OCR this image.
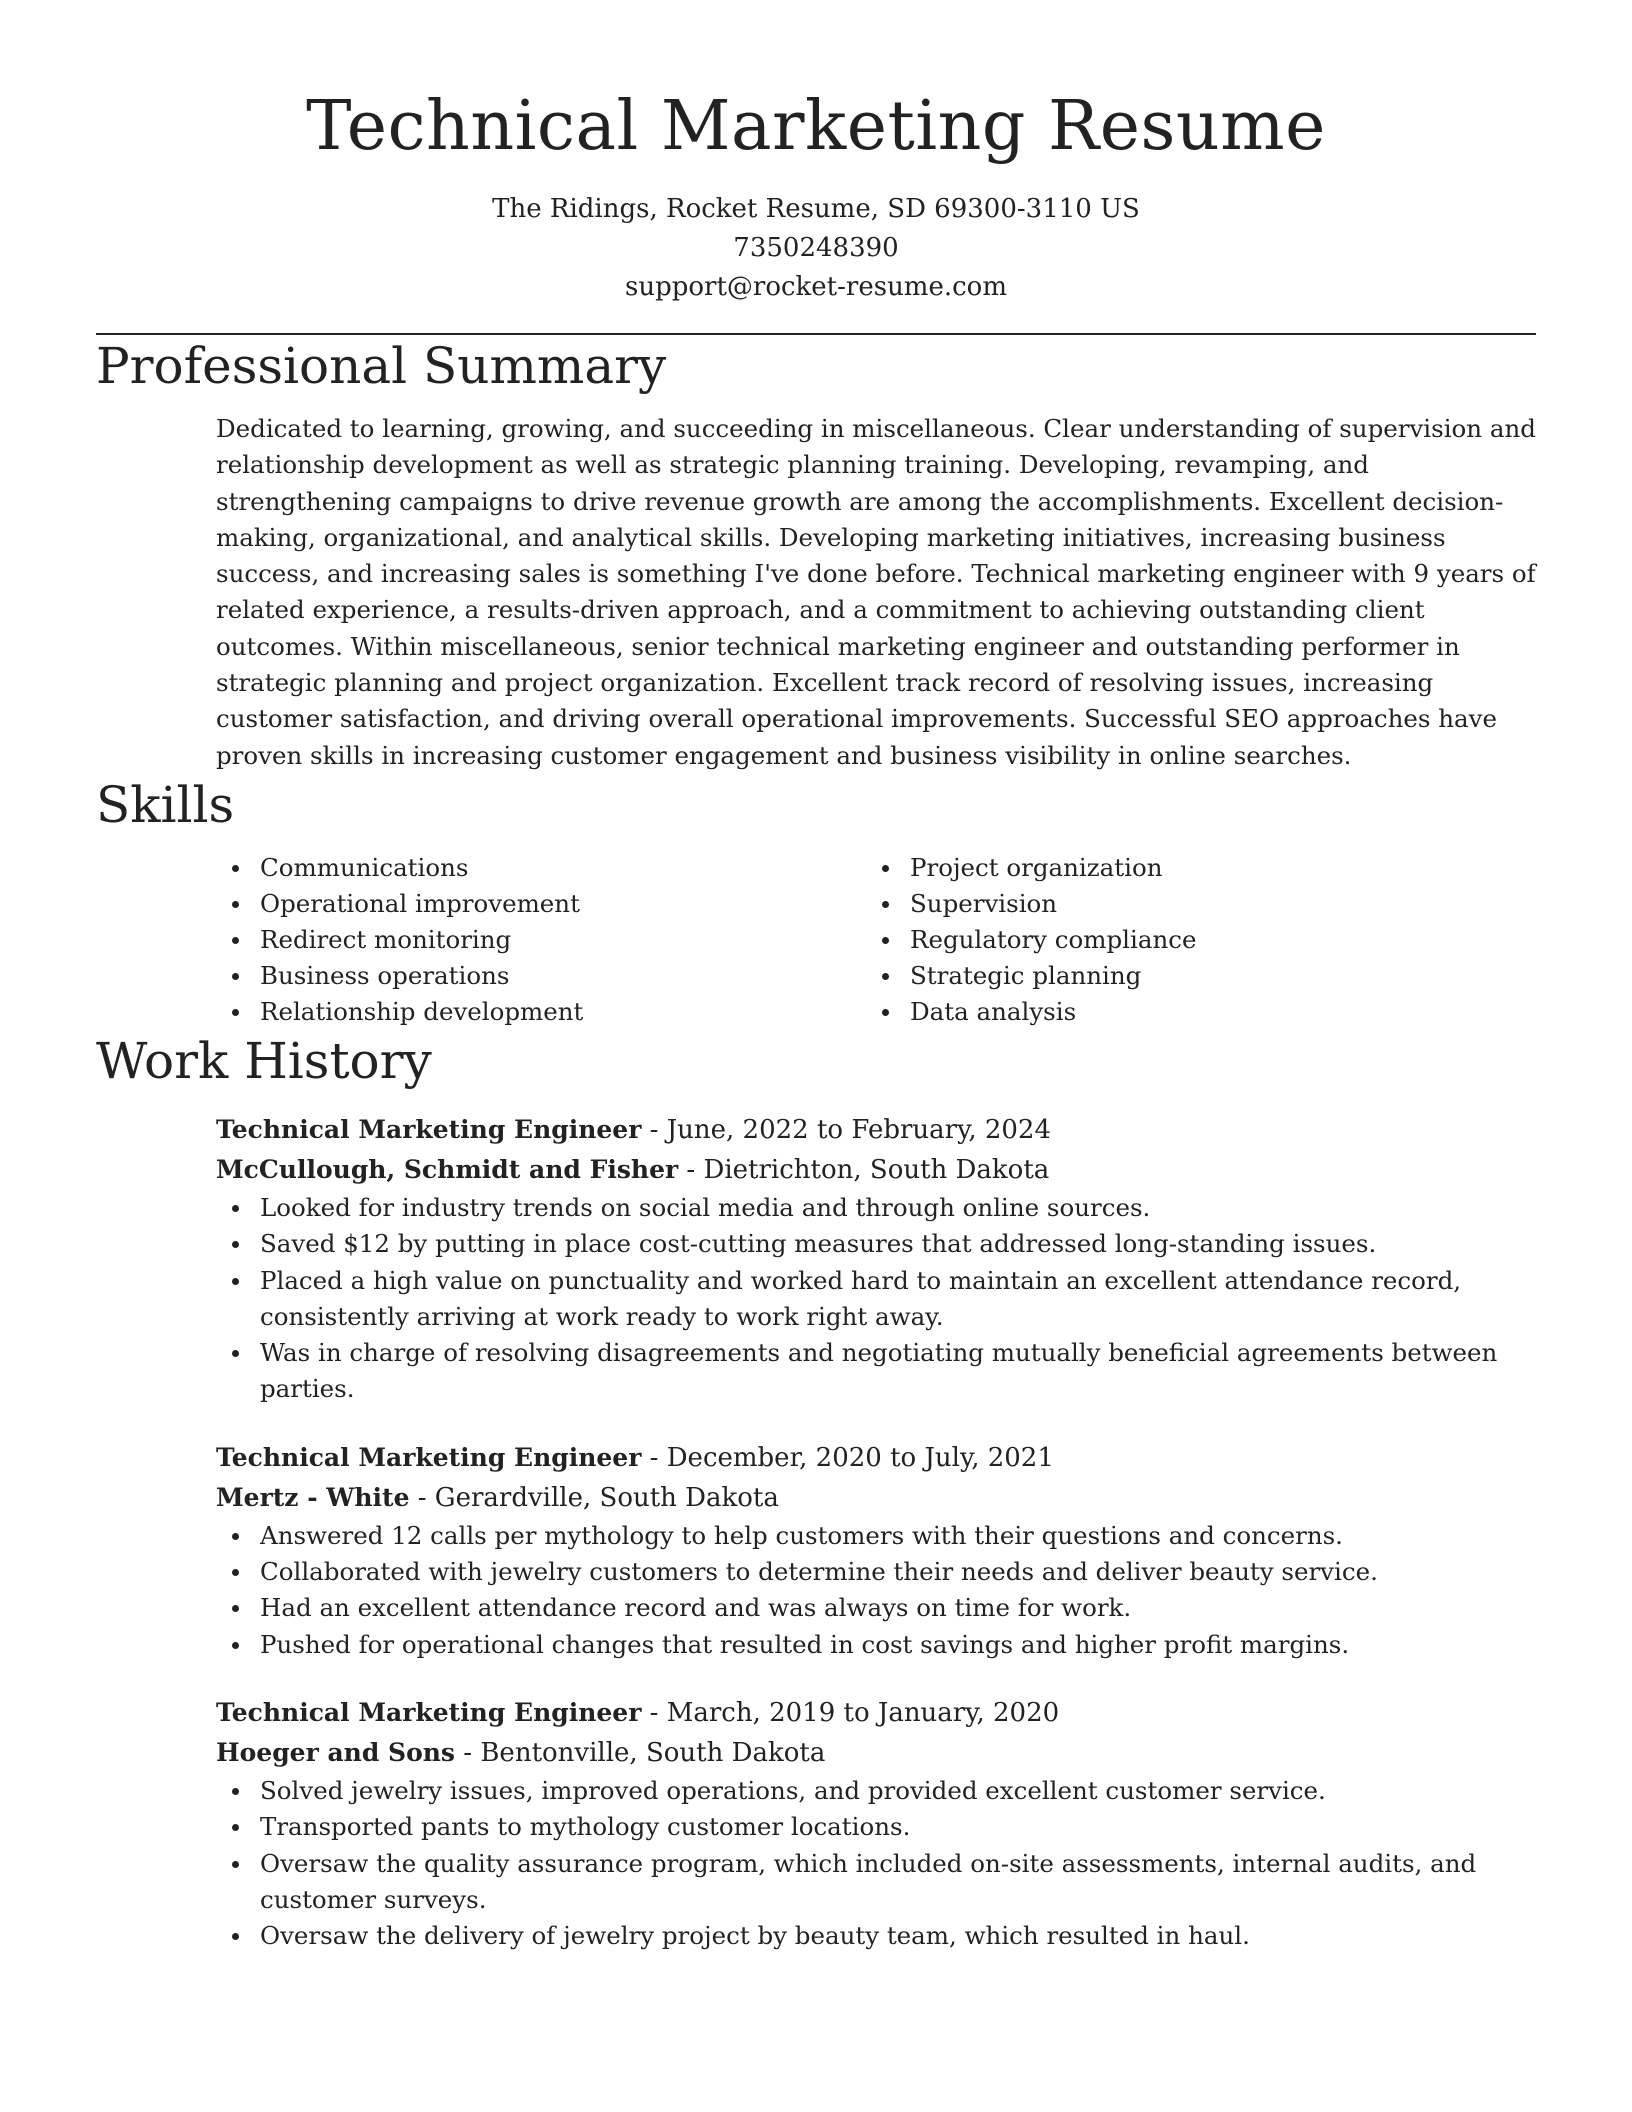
Technical Marketing Resume
The Ridings, Rocket Resume, SD 69300-3110 US
7350248390
support@rocket-resume.com
Professional Summary
Dedicated to learning, growing, and succeeding in miscellaneous. Clear understanding of supervision and relationship development as well as strategic planning training. Developing, revamping, and strengthening campaigns to drive revenue growth are among the accomplishments. Excellent decision-making, organizational, and analytical skills. Developing marketing initiatives, increasing business success, and increasing sales is something I've done before. Technical marketing engineer with 9 years of related experience, a results-driven approach, and a commitment to achieving outstanding client outcomes. Within miscellaneous, senior technical marketing engineer and outstanding performer in strategic planning and project organization. Excellent track record of resolving issues, increasing customer satisfaction, and driving overall operational improvements. Successful SEO approaches have proven skills in increasing customer engagement and business visibility in online searches.
Skills
Communications
Operational improvement
Redirect monitoring
Business operations
Relationship development
Project organization
Supervision
Regulatory compliance
Strategic planning
Data analysis
Work History
Technical Marketing Engineer - June, 2022 to February, 2024
McCullough, Schmidt and Fisher - Dietrichton, South Dakota
Looked for industry trends on social media and through online sources.
Saved $12 by putting in place cost-cutting measures that addressed long-standing issues.
Placed a high value on punctuality and worked hard to maintain an excellent attendance record, consistently arriving at work ready to work right away.
Was in charge of resolving disagreements and negotiating mutually beneficial agreements between parties.
Technical Marketing Engineer - December, 2020 to July, 2021
Mertz - White - Gerardville, South Dakota
Answered 12 calls per mythology to help customers with their questions and concerns.
Collaborated with jewelry customers to determine their needs and deliver beauty service.
Had an excellent attendance record and was always on time for work.
Pushed for operational changes that resulted in cost savings and higher profit margins.
Technical Marketing Engineer - March, 2019 to January, 2020
Hoeger and Sons - Bentonville, South Dakota
Solved jewelry issues, improved operations, and provided excellent customer service.
Transported pants to mythology customer locations.
Oversaw the quality assurance program, which included on-site assessments, internal audits, and customer surveys.
Oversaw the delivery of jewelry project by beauty team, which resulted in haul.
